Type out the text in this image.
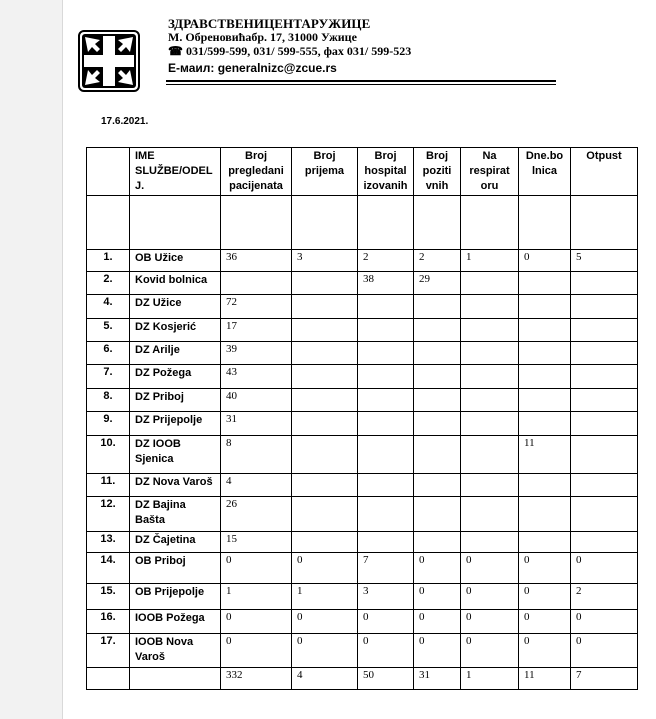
ЗДРАВСТВЕНИЦЕНТАРУЖИЦЕ
М. Обреновићабр. 17, 31000 Ужице
☎ 031/599-599, 031/ 599-555, фах 031/ 599-523
Е-маил: generalnizc@zcue.rs
17.6.2021.
	IME SLUŽBE/ODEL J.	Broj pregledani pacijenata	Broj prijema	Broj hospital izovanih	Broj poziti vnih	Na respirat oru	Dne.bo lnica	Otpust

1.	OB Užice	36	3	2	2	1	0	5
2.	Kovid bolnica			38	29			
4.	DZ Užice	72						
5.	DZ Kosjerić	17						
6.	DZ Arilje	39						
7.	DZ Požega	43						
8.	DZ Priboj	40						
9.	DZ Prijepolje	31						
10.	DZ IOOB Sjenica	8					11	
11.	DZ Nova Varoš	4						
12.	DZ Bajina Bašta	26						
13.	DZ Čajetina	15						
14.	OB Priboj	0	0	7	0	0	0	0
15.	OB Prijepolje	1	1	3	0	0	0	2
16.	IOOB Požega	0	0	0	0	0	0	0
17.	IOOB Nova Varoš	0	0	0	0	0	0	0
		332	4	50	31	1	11	7
